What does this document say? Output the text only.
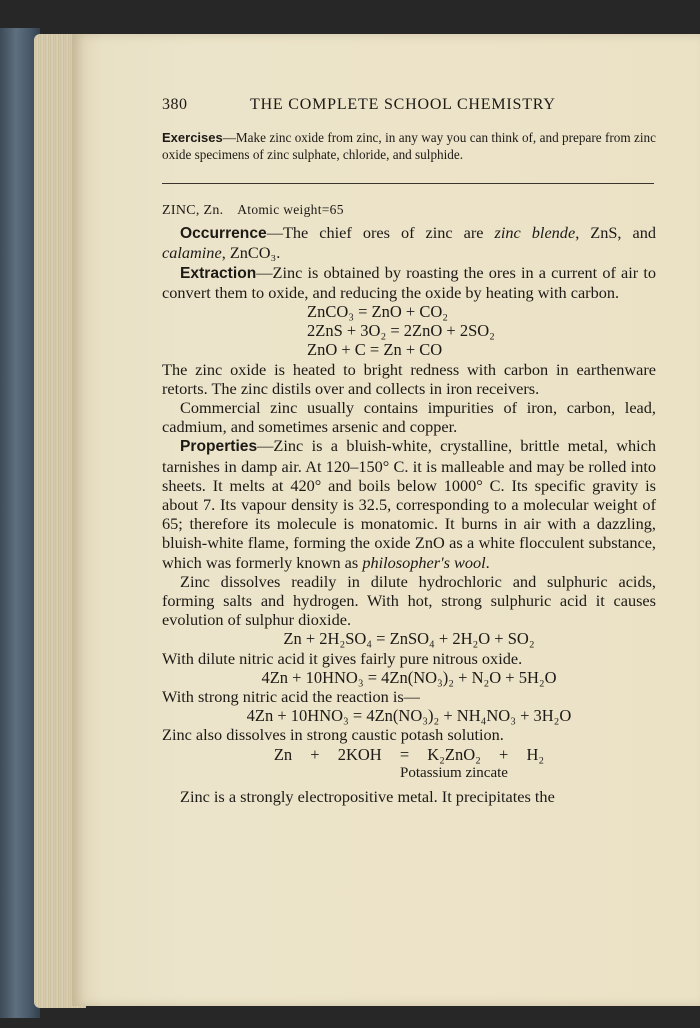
380	THE COMPLETE SCHOOL CHEMISTRY
Exercises—Make zinc oxide from zinc, in any way you can think of, and prepare from zinc oxide specimens of zinc sulphate, chloride, and sulphide.
ZINC, Zn. Atomic weight=65

Occurrence—The chief ores of zinc are zinc blende, ZnS, and calamine, ZnCO₃.

Extraction—Zinc is obtained by roasting the ores in a current of air to convert them to oxide, and reducing the oxide by heating with carbon.

ZnCO₃ = ZnO + CO₂
2ZnS + 3O₂ = 2ZnO + 2SO₂
ZnO + C = Zn + CO

The zinc oxide is heated to bright redness with carbon in earthenware retorts. The zinc distils over and collects in iron receivers.

Commercial zinc usually contains impurities of iron, carbon, lead, cadmium, and sometimes arsenic and copper.

Properties—Zinc is a bluish-white, crystalline, brittle metal, which tarnishes in damp air. At 120–150° C. it is malleable and may be rolled into sheets. It melts at 420° and boils below 1000° C. Its specific gravity is about 7. Its vapour density is 32.5, corresponding to a molecular weight of 65; therefore its molecule is monatomic. It burns in air with a dazzling, bluish-white flame, forming the oxide ZnO as a white flocculent substance, which was formerly known as philosopher's wool.

Zinc dissolves readily in dilute hydrochloric and sulphuric acids, forming salts and hydrogen. With hot, strong sulphuric acid it causes evolution of sulphur dioxide.

Zn + 2H₂SO₄ = ZnSO₄ + 2H₂O + SO₂

With dilute nitric acid it gives fairly pure nitrous oxide.

4Zn + 10HNO₃ = 4Zn(NO₃)₂ + N₂O + 5H₂O

With strong nitric acid the reaction is—

4Zn + 10HNO₃ = 4Zn(NO₃)₂ + NH₄NO₃ + 3H₂O

Zinc also dissolves in strong caustic potash solution.

Zn + 2KOH = K₂ZnO₂ + H₂
Potassium zincate

Zinc is a strongly electropositive metal. It precipitates the
